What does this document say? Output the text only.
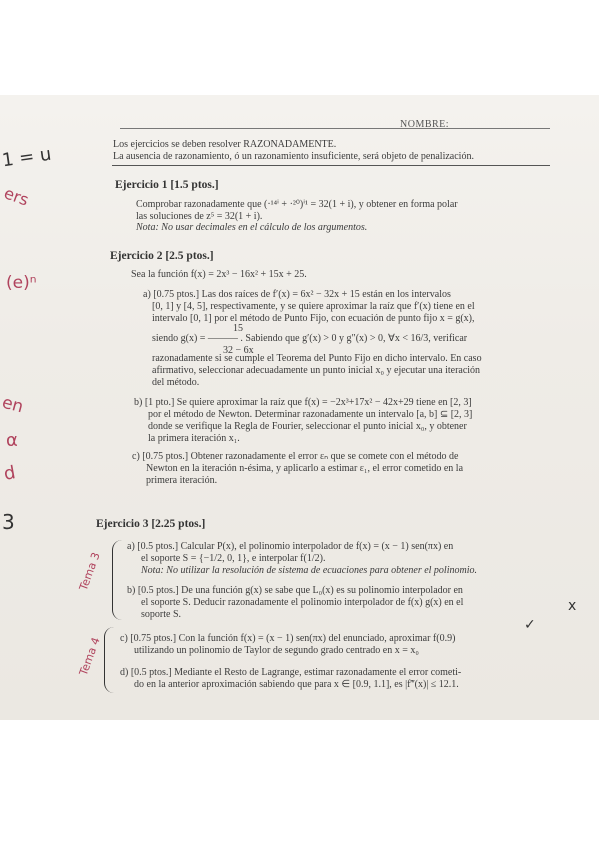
NOMBRE:
Los ejercicios se deben resolver RAZONADAMENTE.
La ausencia de razonamiento, ó un razonamiento insuficiente, será objeto de penalización.
Ejercicio 1 [1.5 ptos.]
Comprobar razonadamente que (·¹⁴ⁱ + ·²⁰)ⁱ¹ = 32(1 + i), y obtener en forma polar
las soluciones de z⁵ = 32(1 + i).
Nota: No usar decimales en el cálculo de los argumentos.
Ejercicio 2 [2.5 ptos.]
Sea la función f(x) = 2x³ − 16x² + 15x + 25.
a) [0.75 ptos.] Las dos raíces de f′(x) = 6x² − 32x + 15 están en los intervalos
[0, 1] y [4, 5], respectivamente, y se quiere aproximar la raíz que f′(x) tiene en el
intervalo [0, 1] por el método de Punto Fijo, con ecuación de punto fijo x = g(x),
15
siendo g(x) = ——— . Sabiendo que g′(x) > 0 y g″(x) > 0, ∀x < 16/3, verificar
32 − 6x
razonadamente si se cumple el Teorema del Punto Fijo en dicho intervalo. En caso
afirmativo, seleccionar adecuadamente un punto inicial x₀ y ejecutar una iteración
del método.
b) [1 pto.] Se quiere aproximar la raíz que f(x) = −2x³+17x² − 42x+29 tiene en [2, 3]
por el método de Newton. Determinar razonadamente un intervalo [a, b] ⊆ [2, 3]
donde se verifique la Regla de Fourier, seleccionar el punto inicial x₀, y obtener
la primera iteración x₁.
c) [0.75 ptos.] Obtener razonadamente el error εₙ que se comete con el método de
Newton en la iteración n-ésima, y aplicarlo a estimar ε₁, el error cometido en la
primera iteración.
Ejercicio 3 [2.25 ptos.]
a) [0.5 ptos.] Calcular P(x), el polinomio interpolador de f(x) = (x − 1) sen(πx) en
el soporte S = {−1/2, 0, 1}, e interpolar f(1/2).
Nota: No utilizar la resolución de sistema de ecuaciones para obtener el polinomio.
b) [0.5 ptos.] De una función g(x) se sabe que L₀(x) es su polinomio interpolador en
el soporte S. Deducir razonadamente el polinomio interpolador de f(x) g(x) en el
soporte S.
c) [0.75 ptos.] Con la función f(x) = (x − 1) sen(πx) del enunciado, aproximar f(0.9)
utilizando un polinomio de Taylor de segundo grado centrado en x = x₀
d) [0.5 ptos.] Mediante el Resto de Lagrange, estimar razonadamente el error cometi-
do en la anterior aproximación sabiendo que para x ∈ [0.9, 1.1], es |f‴(x)| ≤ 12.1.
1 = u
ers
(e)ⁿ
en
α
d
3
Tema 3
Tema 4
x
✓
